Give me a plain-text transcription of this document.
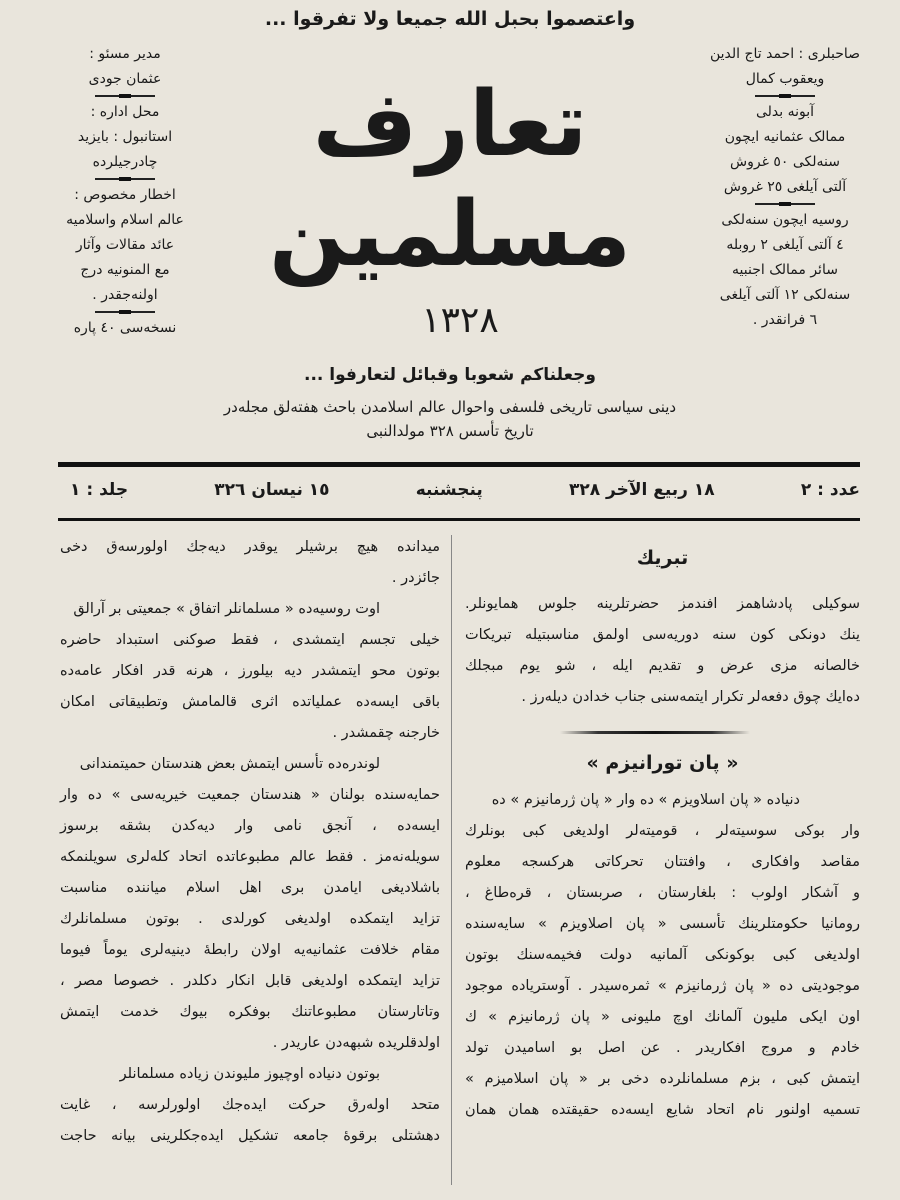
واعتصموا بحبل الله جميعا ولا تفرقوا ...
مدیر مسئو :
عثمان جودی
محل اداره :
استانبول : بایزید
چادرجیلرده
اخطار مخصوص :
عالم اسلام واسلامیه
عائد مقالات وآثار
مع المنونیه درج
اولنه‌جقدر .
نسخه‌سی ٤٠ پاره
صاحبلری : احمد تاج الدین
ویعقوب کمال
آبونه بدلی
ممالک عثمانیه ایچون
سنه‌لکی ٥٠ غروش
آلتی آیلغی ٢٥ غروش
روسیه ایچون سنه‌لکی
٤ آلتی آیلغی ٢ روبله
سائر ممالک اجنبیه
سنه‌لکی ١٢ آلتی آیلغی
٦ فرانقدر .
تعارف مسلمين
١٣٢٨
وجعلناكم شعوبا وقبائل لتعارفوا ...
دینی سیاسی تاریخی فلسفی واحوال عالم اسلامدن باحث هفته‌لق مجله‌در
تاریخ تأسس ٣٢٨ مولدالنبی
عدد : ٢
١٨ ربیع الآخر ٣٢٨
پنجشنبه
١٥ نیسان ٣٢٦
جلد : ١
تبریك
سوكیلی پادشاهمز افندمز حضرتلرینه جلوس همایونلر.
ینك دونكی كون سنه دوریه‌سی اولمق مناسبتیله تبریكات
خالصانه مزی عرض و تقدیم ایله ، شو یوم مبجلك
ده‌ایك چوق دفعه‌لر تكرار ایتمه‌سنی جناب خدادن دیله‌رز .
« پان تورانیزم »
دنیاده « پان اسلاویزم » ده وار « پان ژرمانیزم » ده
وار بوكی سوسیته‌لر ، قومیته‌لر اولدیغی كبی بونلرك
مقاصد وافكاری ، وافتتان تحركاتی هركسجه معلوم
و آشكار اولوب : بلغارستان ، صربستان ، قره‌طاغ ،
رومانیا حكومتلرینك تأسسی « پان اصلاویزم » سایه‌سنده
اولدیغی كبی بوكونكی آلمانیه دولت فخیمه‌سنك بوتون
موجودیتی ده « پان ژرمانیزم » ثمره‌سیدر . آوستریاده موجود
اون ایكی ملیون آلمانك اوچ ملیونی « پان ژرمانیزم » ك
خادم و مروج افكاریدر . عن اصل بو اسامیدن تولد
ایتمش كبی ، بزم مسلمانلرده دخی بر « پان اسلامیزم »
تسمیه اولنور نام اتحاد شایع ایسه‌ده حقیقتده همان همان
میدانده هیچ برشیلر یوقدر دیه‌جك اولورسه‌ق دخی
جائزدر .
اوت روسیه‌ده « مسلمانلر اتفاق » جمعیتی بر آرالق
خیلی تجسم ایتمشدی ، فقط صوكنی استبداد حاضره
بوتون محو ایتمشدر دیه بیلورز ، هرنه قدر افكار عامه‌ده
باقی ایسه‌ده عملیاتده اثری قالمامش وتطبیقاتی امكان
خارجنه چقمشدر .
لوندره‌ده تأسس ایتمش بعض هندستان حمیتمندانی
حمایه‌سنده بولنان « هندستان جمعیت خیریه‌سی » ده وار
ایسه‌ده ، آنجق نامی وار دیه‌كدن بشقه برسوز
سویله‌نه‌مز . فقط عالم مطبوعاتده اتحاد كله‌لری سویلنمكه
باشلادیغی ایامدن بری اهل اسلام میاننده مناسبت
تزاید ایتمكده اولدیغی كورلدی . بوتون مسلمانلرك
مقام خلافت عثمانیه‌یه اولان رابطهٔ دینیه‌لری یوماً فیوما
تزاید ایتمكده اولدیغی قابل انكار دكلدر . خصوصا مصر ،
وتاتارستان مطبوعاتنك بوفكره بیوك خدمت ایتمش
اولدقلریده شبهه‌دن عاریدر .
بوتون دنیاده اوچیوز ملیوندن زیاده مسلمانلر
متحد اوله‌رق حركت ایده‌جك اولورلرسه ، غایت
دهشتلی برقوهٔ جامعه تشكیل ایده‌جكلرینی بیانه حاجت
